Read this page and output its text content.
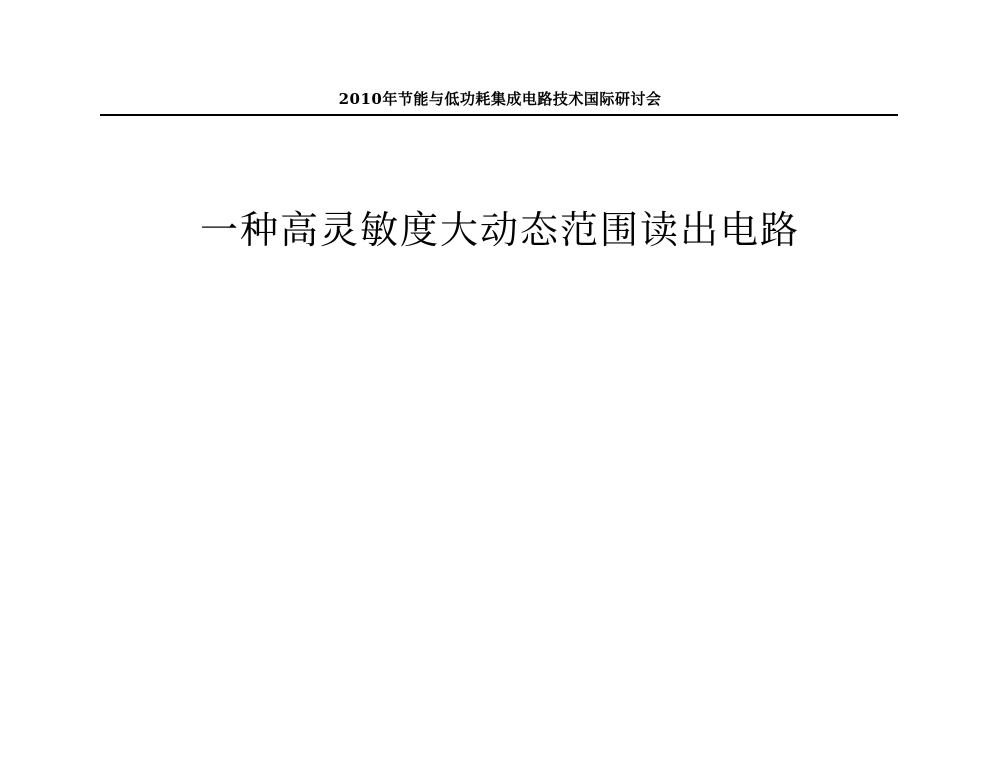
2010年节能与低功耗集成电路技术国际研讨会
一种高灵敏度大动态范围读出电路
